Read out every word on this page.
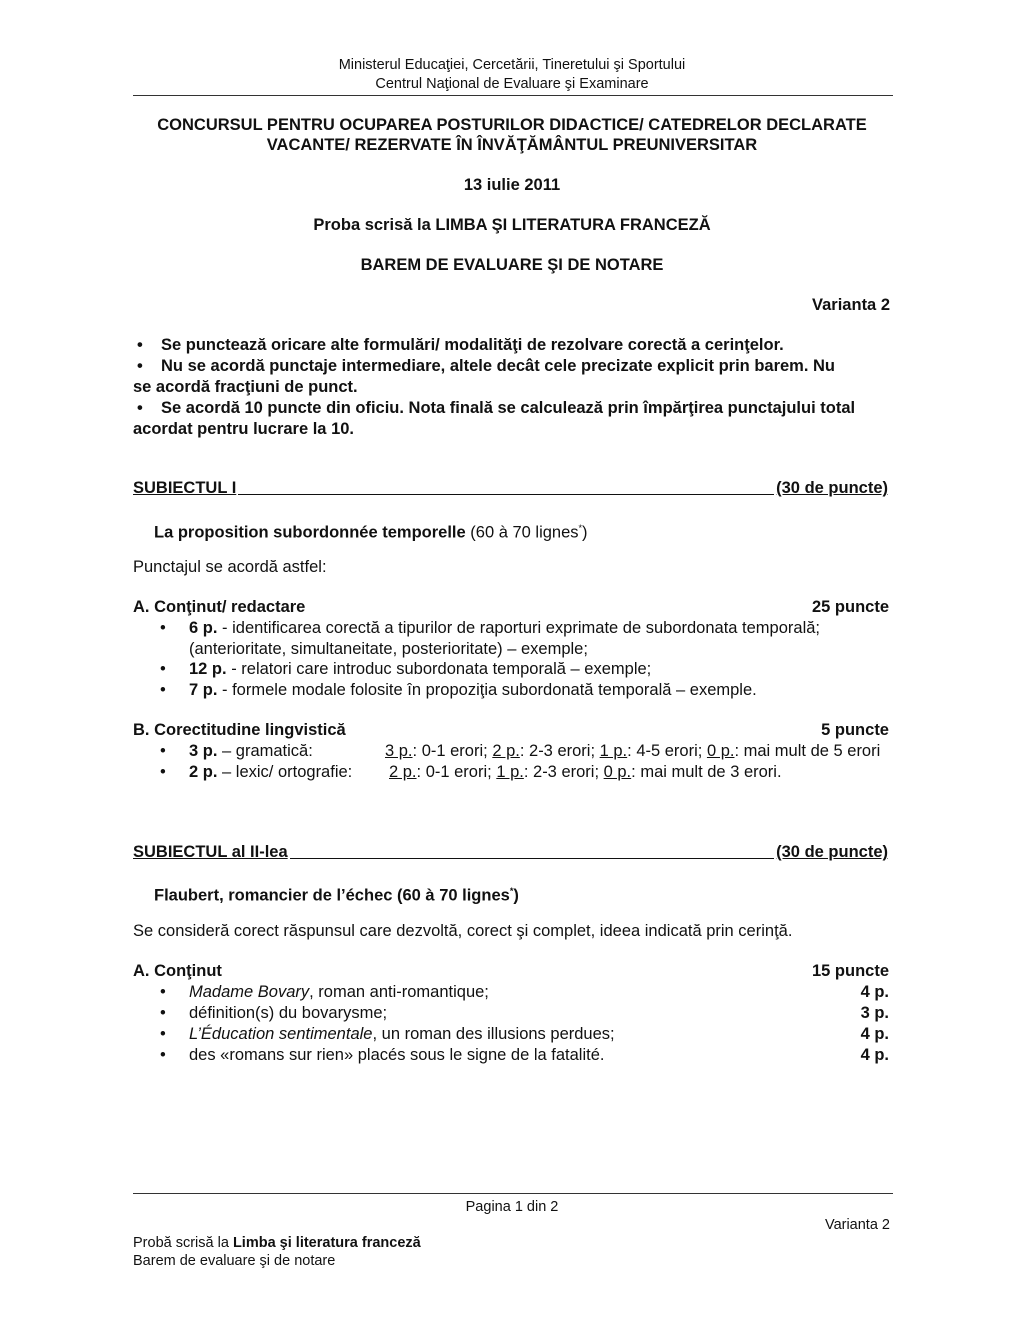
Ministerul Educaţiei, Cercetării, Tineretului şi Sportului
Centrul Naţional de Evaluare şi Examinare
CONCURSUL PENTRU OCUPAREA POSTURILOR DIDACTICE/ CATEDRELOR DECLARATE
VACANTE/ REZERVATE ÎN ÎNVĂŢĂMÂNTUL PREUNIVERSITAR
13 iulie 2011
Proba scrisă la LIMBA ŞI LITERATURA FRANCEZĂ
BAREM DE EVALUARE ŞI DE NOTARE
Varianta 2
• Se punctează oricare alte formulări/ modalităţi de rezolvare corectă a cerinţelor.
• Nu se acordă punctaje intermediare, altele decât cele precizate explicit prin barem. Nu
se acordă fracţiuni de punct.
• Se acordă 10 puncte din oficiu. Nota finală se calculează prin împărţirea punctajului total
acordat pentru lucrare la 10.
SUBIECTUL I	(30 de puncte)
La proposition subordonnée temporelle (60 à 70 lignes*)
Punctajul se acordă astfel:
A. Conţinut/ redactare	25 puncte
• 6 p. - identificarea corectă a tipurilor de raporturi exprimate de subordonata temporală;
(anterioritate, simultaneitate, posterioritate) – exemple;
• 12 p. - relatori care introduc subordonata temporală – exemple;
• 7 p. - formele modale folosite în propoziţia subordonată temporală – exemple.
B. Corectitudine lingvistică	5 puncte
• 3 p. – gramatică:	3 p.: 0-1 erori; 2 p.: 2-3 erori; 1 p.: 4-5 erori; 0 p.: mai mult de 5 erori
• 2 p. – lexic/ ortografie: 2 p.: 0-1 erori; 1 p.: 2-3 erori; 0 p.: mai mult de 3 erori.
SUBIECTUL al II-lea	(30 de puncte)
Flaubert, romancier de l’échec (60 à 70 lignes*)
Se consideră corect răspunsul care dezvoltă, corect şi complet, ideea indicată prin cerinţă.
A. Conţinut	15 puncte
• Madame Bovary, roman anti-romantique;	4 p.
• définition(s) du bovarysme;	3 p.
• L’Éducation sentimentale, un roman des illusions perdues;	4 p.
• des «romans sur rien» placés sous le signe de la fatalité.	4 p.
Pagina 1 din 2
Varianta 2
Probă scrisă la Limba şi literatura franceză
Barem de evaluare şi de notare
